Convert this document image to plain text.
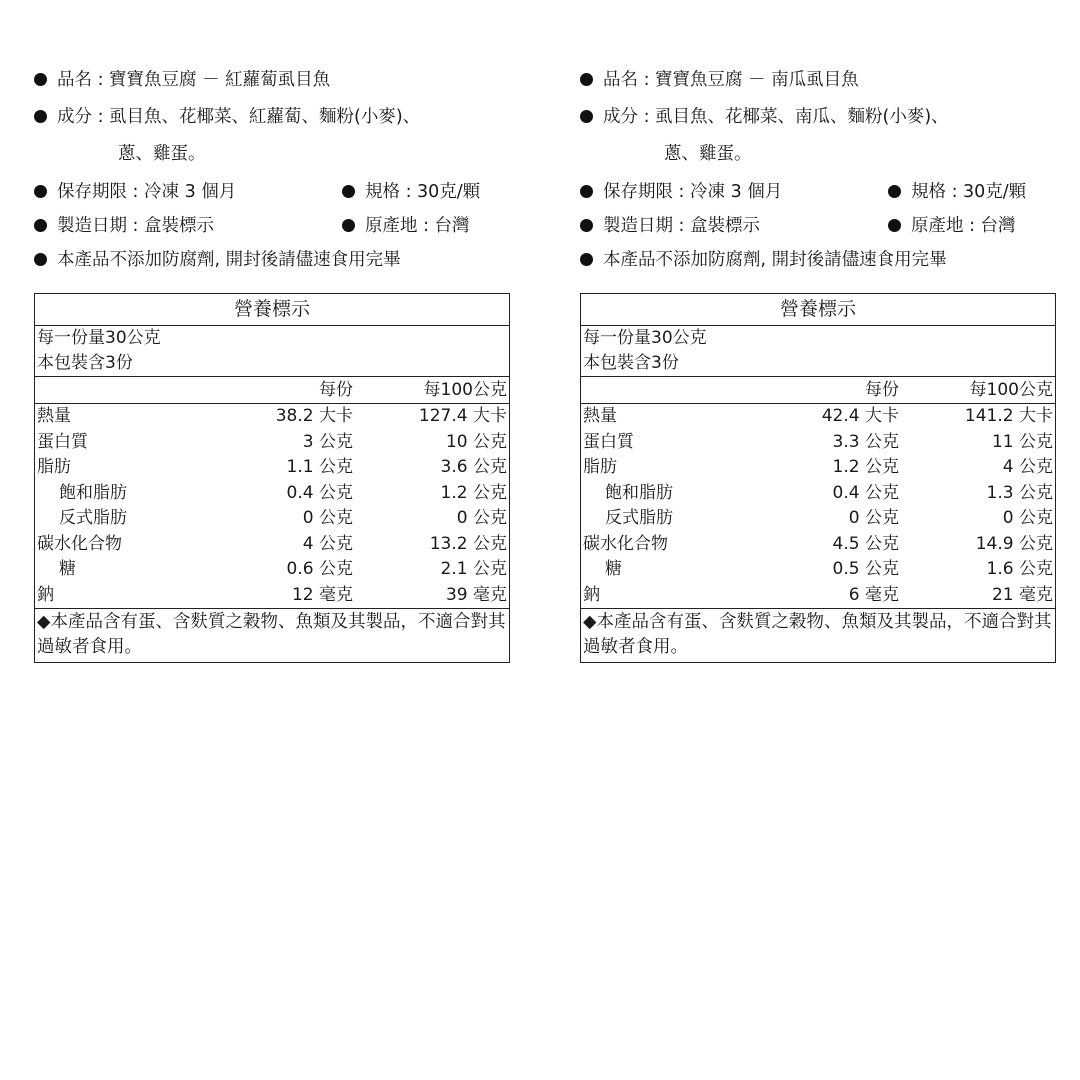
品名 : 寶寶魚豆腐 － 紅蘿蔔虱目魚
成分 : 虱目魚、花椰菜、紅蘿蔔、麵粉(小麥)、
蔥、雞蛋。
保存期限 : 冷凍 3 個月	規格 : 30克/顆
製造日期 : 盒裝標示	原產地 : 台灣
本產品不添加防腐劑, 開封後請儘速食用完畢
營養標示		
每一份量30公克		
本包裝含3份		
	每份	每100公克
熱量	38.2 大卡	127.4 大卡
蛋白質	3 公克	10 公克
脂肪	1.1 公克	3.6 公克
飽和脂肪	0.4 公克	1.2 公克
反式脂肪	0 公克	0 公克
碳水化合物	4 公克	13.2 公克
糖	0.6 公克	2.1 公克
鈉	12 毫克	39 毫克
◆本產品含有蛋、含麩質之穀物、魚類及其製品，不適合對其過敏者食用。		
品名 : 寶寶魚豆腐 － 南瓜虱目魚
成分 : 虱目魚、花椰菜、南瓜、麵粉(小麥)、
蔥、雞蛋。
保存期限 : 冷凍 3 個月	規格 : 30克/顆
製造日期 : 盒裝標示	原產地 : 台灣
本產品不添加防腐劑, 開封後請儘速食用完畢
營養標示		
每一份量30公克		
本包裝含3份		
	每份	每100公克
熱量	42.4 大卡	141.2 大卡
蛋白質	3.3 公克	11 公克
脂肪	1.2 公克	4 公克
飽和脂肪	0.4 公克	1.3 公克
反式脂肪	0 公克	0 公克
碳水化合物	4.5 公克	14.9 公克
糖	0.5 公克	1.6 公克
鈉	6 毫克	21 毫克
◆本產品含有蛋、含麩質之穀物、魚類及其製品，不適合對其過敏者食用。		
